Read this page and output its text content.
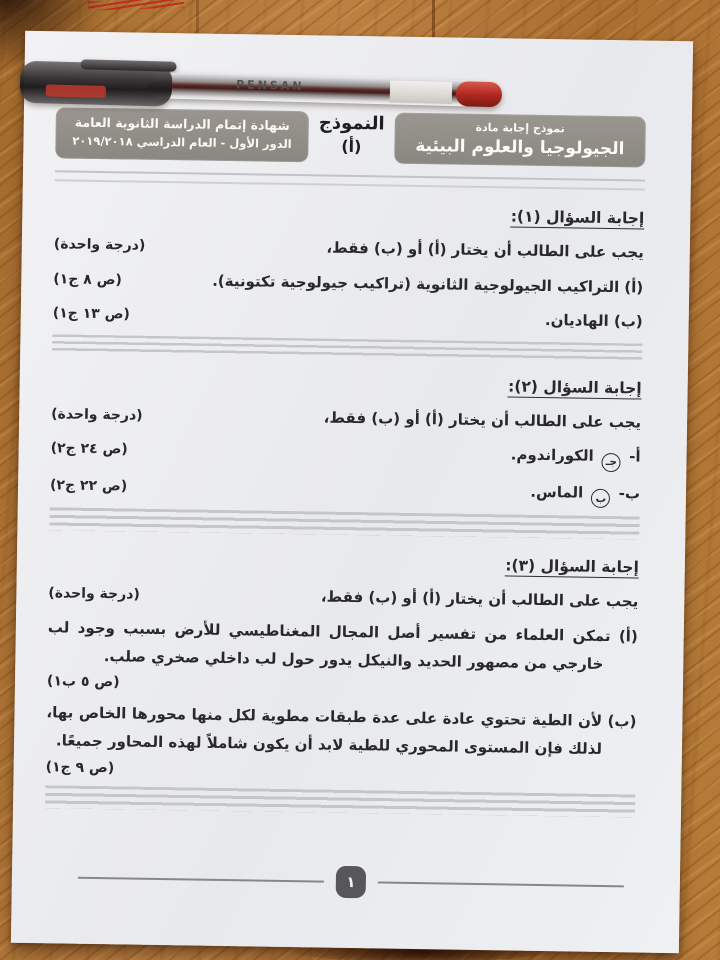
نموذج إجابة مادة
الجيولوجيا والعلوم البيئية
النموذج
(أ)
شهادة إتمام الدراسة الثانوية العامة
الدور الأول - العام الدراسي ٢٠١٩/٢٠١٨
إجابة السؤال (١):
يجب على الطالب أن يختار (أ) أو (ب) فقط،
(درجة واحدة)
(أ) التراكيب الجيولوجية الثانوية (تراكيب جيولوجية تكتونية).
(ص ٨ ج١)
(ب) الهاديان.
(ص ١٣ ج١)
إجابة السؤال (٢):
يجب على الطالب أن يختار (أ) أو (ب) فقط،
(درجة واحدة)
أ- جـ الكوراندوم.
(ص ٢٤ ج٢)
ب- ب الماس.
(ص ٢٢ ج٢)
إجابة السؤال (٣):
يجب على الطالب أن يختار (أ) أو (ب) فقط،
(درجة واحدة)
(أ) تمكن العلماء من تفسير أصل المجال المغناطيسي للأرض بسبب وجود لب خارجي من مصهور الحديد والنيكل يدور حول لب داخلي صخري صلب.
(ص ٥ ب١)
(ب) لأن الطية تحتوي عادة على عدة طبقات مطوية لكل منها محورها الخاص بها، لذلك فإن المستوى المحوري للطية لابد أن يكون شاملاً لهذه المحاور جميعًا.
(ص ٩ ج١)
١
PENSAN
